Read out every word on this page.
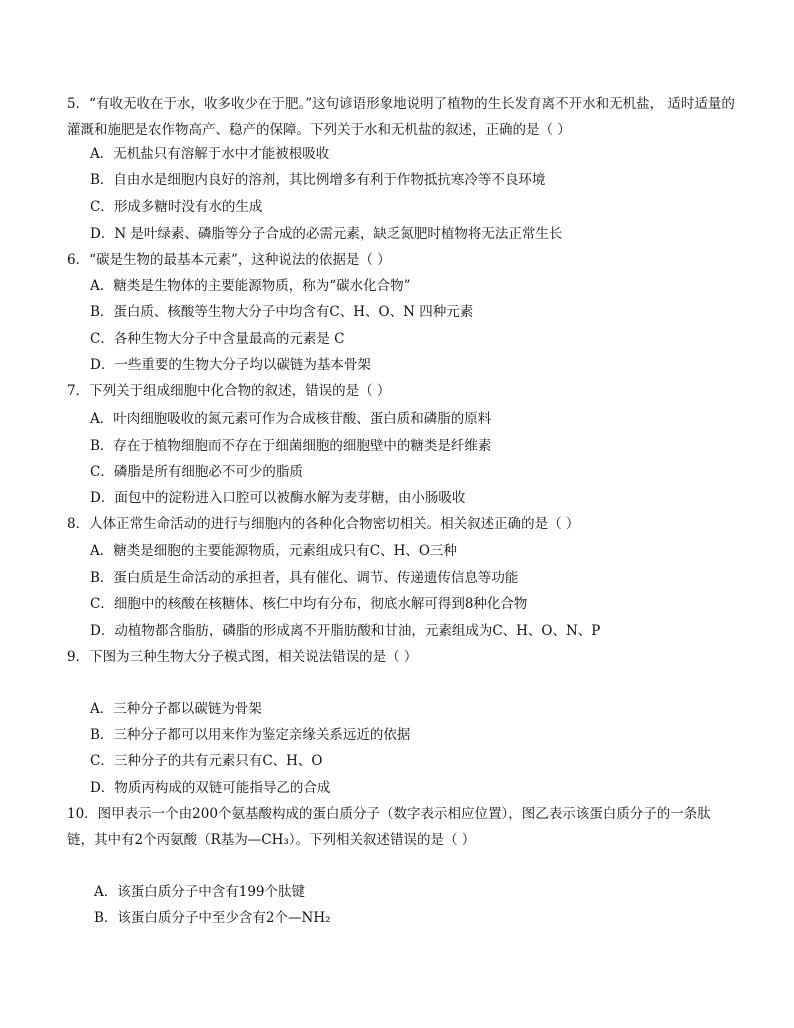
5．“有收无收在于水，收多收少在于肥。”这句谚语形象地说明了植物的生长发育离不开水和无机盐， 适时适量的灌溉和施肥是农作物高产、稳产的保障。下列关于水和无机盐的叙述，正确的是（ ）
A．无机盐只有溶解于水中才能被根吸收
B．自由水是细胞内良好的溶剂，其比例增多有利于作物抵抗寒冷等不良环境
C．形成多糖时没有水的生成
D．N 是叶绿素、磷脂等分子合成的必需元素，缺乏氮肥时植物将无法正常生长
6．“碳是生物的最基本元素”，这种说法的依据是（ ）
A．糖类是生物体的主要能源物质，称为“碳水化合物”
B．蛋白质、核酸等生物大分子中均含有C、H、O、N 四种元素
C．各种生物大分子中含量最高的元素是 C
D．一些重要的生物大分子均以碳链为基本骨架
7．下列关于组成细胞中化合物的叙述，错误的是（ ）
A．叶肉细胞吸收的氮元素可作为合成核苷酸、蛋白质和磷脂的原料
B．存在于植物细胞而不存在于细菌细胞的细胞壁中的糖类是纤维素
C．磷脂是所有细胞必不可少的脂质
D．面包中的淀粉进入口腔可以被酶水解为麦芽糖，由小肠吸收
8．人体正常生命活动的进行与细胞内的各种化合物密切相关。相关叙述正确的是（ ）
A．糖类是细胞的主要能源物质，元素组成只有C、H、O三种
B．蛋白质是生命活动的承担者，具有催化、调节、传递遗传信息等功能
C．细胞中的核酸在核糖体、核仁中均有分布，彻底水解可得到8种化合物
D．动植物都含脂肪，磷脂的形成离不开脂肪酸和甘油，元素组成为C、H、O、N、P
9．下图为三种生物大分子模式图，相关说法错误的是（ ）
A．三种分子都以碳链为骨架
B．三种分子都可以用来作为鉴定亲缘关系远近的依据
C．三种分子的共有元素只有C、H、O
D．物质丙构成的双链可能指导乙的合成
10．图甲表示一个由200个氨基酸构成的蛋白质分子（数字表示相应位置），图乙表示该蛋白质分子的一条肽链，其中有2个丙氨酸（R基为—CH₃）。下列相关叙述错误的是（ ）
A．该蛋白质分子中含有199个肽键
B．该蛋白质分子中至少含有2个—NH₂
